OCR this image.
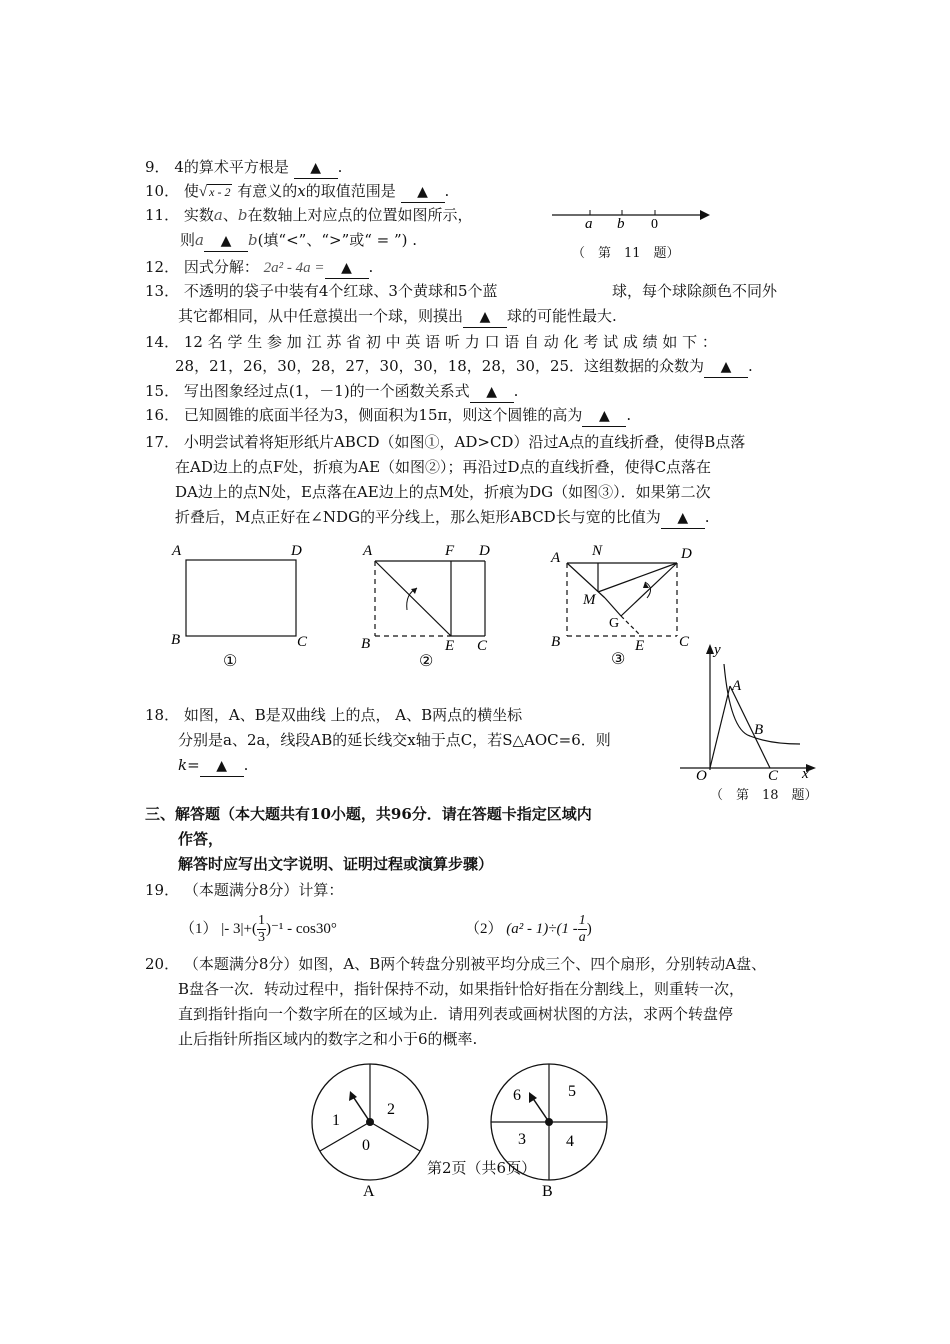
9． 4的算术平方根是 ▲ .
10． 使√ x - 2 有意义的x的取值范围是 ▲ .
11． 实数a、b在数轴上对应点的位置如图所示，
则a ▲ b(填“<”、“>”或“ = ”) .
a b 0
（　第　11　题）
12． 因式分解： 2a² - 4a = ▲ .
13． 不透明的袋子中装有4个红球、3个黄球和5个蓝	球，每个球除颜色不同外
其它都相同，从中任意摸出一个球，则摸出 ▲ 球的可能性最大.
14． 12 名 学 生 参 加 江 苏 省 初 中 英 语 听 力 口 语 自 动 化 考 试 成 绩 如 下 ：
28，21，26，30，28，27，30，30，18，28，30，25．这组数据的众数为 ▲ .
15． 写出图象经过点(1，－1)的一个函数关系式 ▲ .
16． 已知圆锥的底面半径为3，侧面积为15π，则这个圆锥的高为 ▲ .
17． 小明尝试着将矩形纸片ABCD（如图①，AD>CD）沿过A点的直线折叠，使得B点落
在AD边上的点F处，折痕为AE（如图②）；再沿过D点的直线折叠，使得C点落在
DA边上的点N处，E点落在AE边上的点M处，折痕为DG（如图③）．如果第二次
折叠后，M点正好在∠NDG的平分线上，那么矩形ABCD长与宽的比值为 ▲ .
A	D
B	C
①
A	F D
B	E C
②
A N	D
M
G
B	E C
③
18． 如图，A、B是双曲线 上的点， A、B两点的横坐标
分别是a、2a，线段AB的延长线交x轴于点C，若S△AOC=6．则
k= ▲ .
y
x
O
A
B
C
（　第　18　题）
三、解答题（本大题共有10小题，共96分．请在答题卡指定区域内
作答，
解答时应写出文字说明、证明过程或演算步骤）
19． （本题满分8分）计算：
（1） |- $3|+( \frac{1}{3} )^{-1} - \cos 30^\circ$	（2） $(a^2 - 1)\div(1 - \frac{1}{a}$ )
20． （本题满分8分）如图，A、B两个转盘分别被平均分成三个、四个扇形，分别转动A盘、
B盘各一次．转动过程中，指针保持不动，如果指针恰好指在分割线上，则重转一次，
直到指针指向一个数字所在的区域为止．请用列表或画树状图的方法，求两个转盘停
止后指针所指区域内的数字之和小于6的概率.
1
2
0
A
6	5
3	4
B
第2页（共6页）
